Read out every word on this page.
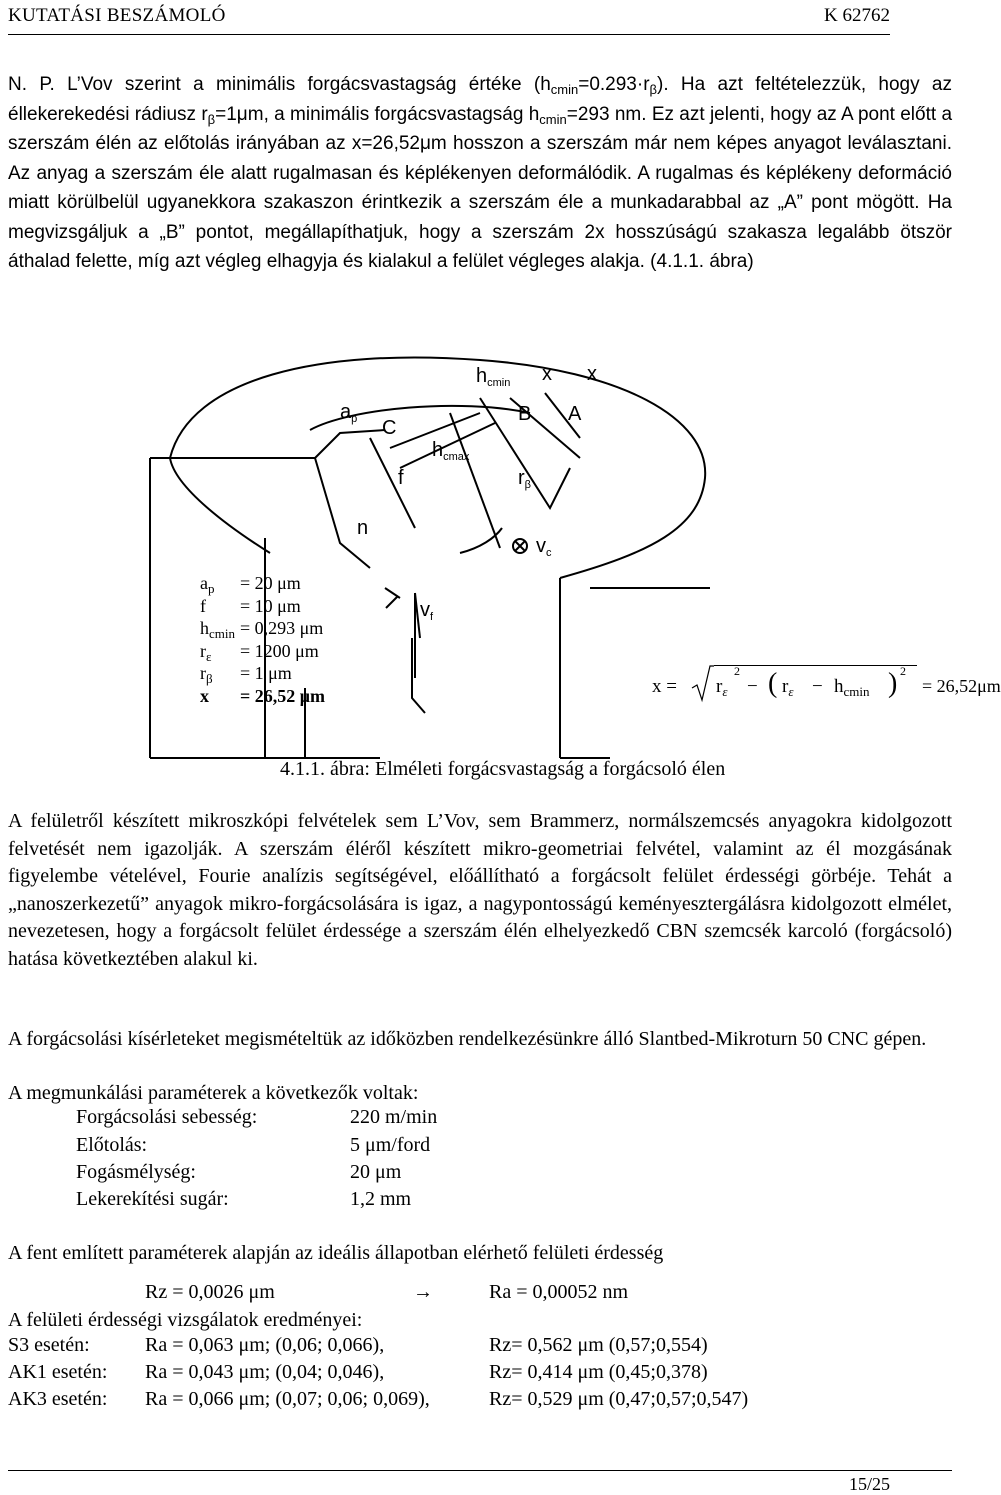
KUTATÁSI BESZÁMOLÓ	K 62762
N. P. L’Vov szerint a minimális forgácsvastagság értéke $(h_{cmin}=0.293\cdot r_\beta)$. Ha azt feltételezzük, hogy az éllekerekedési rádiusz $r_\beta=1\mu m$, a minimális forgácsvastagság $h_{cmin}=293$ nm. Ez azt jelenti, hogy az A pont előtt a szerszám élén az előtolás irányában az x=26,52μm hosszon a szerszám már nem képes anyagot leválasztani. Az anyag a szerszám éle alatt rugalmasan és képlékenyen deformálódik. A rugalmas és képlékeny deformáció miatt körülbelül ugyanekkora szakaszon érintkezik a szerszám éle a munkadarabbal az „A” pont mögött. Ha megvizsgáljuk a „B” pontot, megállapíthatjuk, hogy a szerszám 2x hosszúságú szakasza legalább ötször áthalad felette, míg azt végleg elhagyja és kialakul a felület végleges alakja. (4.1.1. ábra)
$h_{cmin}$ x x
$a_p$	B A
C
$h_{cmax}$
f	$r_\beta$
n
$v_c$
$v_f$
$a_p = 20$ μm
f = 10 μm
$h_{cmin} = 0,293$ μm
$r_\varepsilon = 1200$ μm
$r_\beta = 1$ μm
x = 26,52 μm	$x = r_\varepsilon$
2
− ( $r_\varepsilon - h_{cmin}$ ) 2
= 26,52μm
4.1.1. ábra: Elméleti forgácsvastagság a forgácsoló élen
A felületről készített mikroszkópi felvételek sem L’Vov, sem Brammerz, normálszemcsés anyagokra kidolgozott felvetését nem igazolják. A szerszám éléről készített mikro-geometriai felvétel, valamint az él mozgásának figyelembe vételével, Fourie analízis segítségével, előállítható a forgácsolt felület érdességi görbéje. Tehát a „nanoszerkezetű” anyagok mikro-forgácsolására is igaz, a nagypontosságú keményesztergálásra kidolgozott elmélet, nevezetesen, hogy a forgácsolt felület érdessége a szerszám élén elhelyezkedő CBN szemcsék karcoló (forgácsoló) hatása következtében alakul ki.
A forgácsolási kísérleteket megismételtük az időközben rendelkezésünkre álló Slantbed-Mikroturn 50 CNC gépen.
A megmunkálási paraméterek a következők voltak:
Forgácsolási sebesség:	220 m/min
Előtolás:	5 μm/ford
Fogásmélység:	20 μm
Lekerekítési sugár:	1,2 mm
A fent említett paraméterek alapján az ideális állapotban elérhető felületi érdesség
Rz = 0,0026 μm	→	Ra = 0,00052 nm
A felületi érdességi vizsgálatok eredményei:
S3 esetén:	Ra = 0,063 μm; (0,06; 0,066),	Rz= 0,562 μm (0,57;0,554)
AK1 esetén: Ra = 0,043 μm; (0,04; 0,046),	Rz= 0,414 μm (0,45;0,378)
AK3 esetén: Ra = 0,066 μm; (0,07; 0,06; 0,069),	Rz= 0,529 μm (0,47;0,57;0,547)
15/25
